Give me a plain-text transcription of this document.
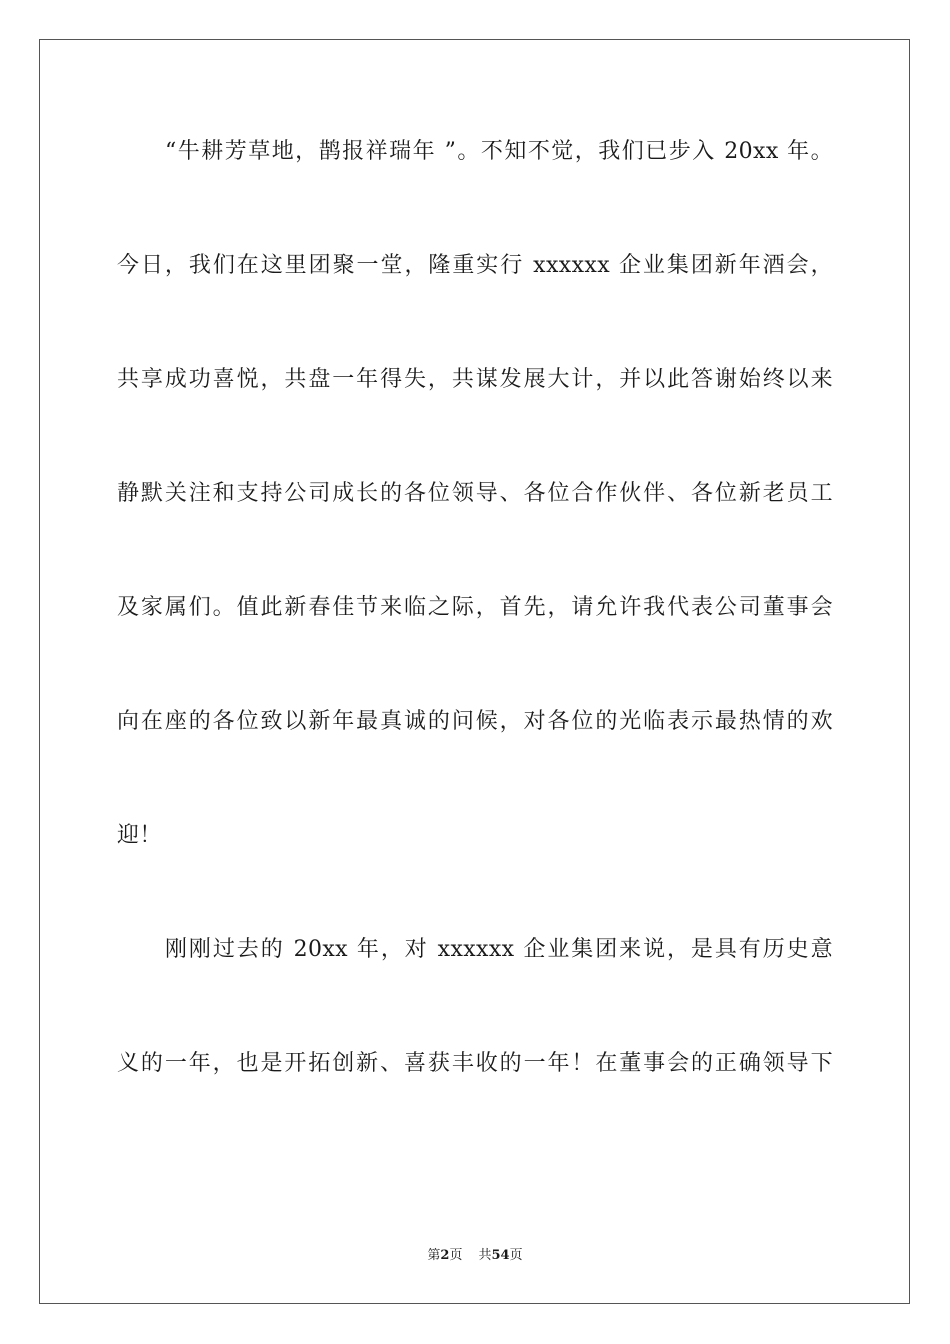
“牛耕芳草地，鹊报祥瑞年 ”。不知不觉，我们已步入 20xx 年。
今日，我们在这里团聚一堂，隆重实行 xxxxxx 企业集团新年酒会，
共享成功喜悦，共盘一年得失，共谋发展大计，并以此答谢始终以来
静默关注和支持公司成长的各位领导、各位合作伙伴、各位新老员工
及家属们。值此新春佳节来临之际，首先，请允许我代表公司董事会
向在座的各位致以新年最真诚的问候，对各位的光临表示最热情的欢
迎！
刚刚过去的 20xx 年，对 xxxxxx 企业集团来说，是具有历史意
义的一年，也是开拓创新、喜获丰收的一年！在董事会的正确领导下
第2页 共54页
